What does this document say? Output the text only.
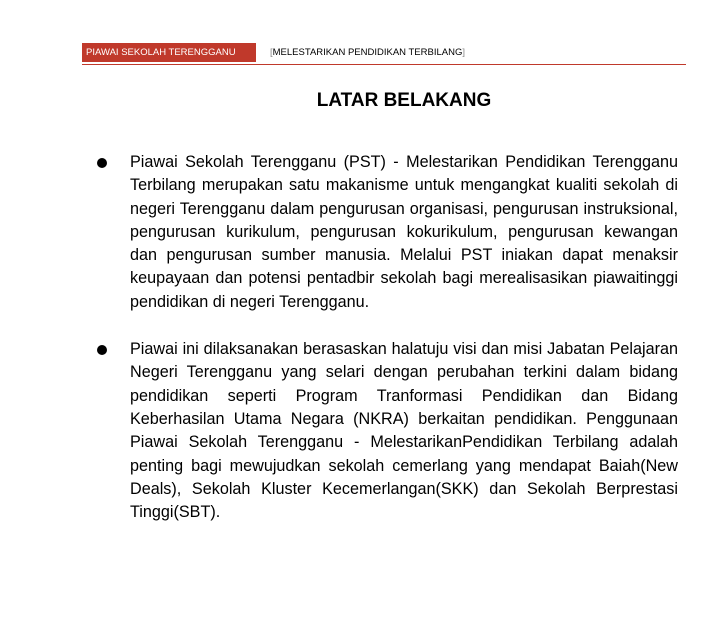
PIAWAI SEKOLAH TERENGGANU	[MELESTARIKAN PENDIDIKAN TERBILANG]
LATAR BELAKANG

Piawai Sekolah Terengganu (PST) - Melestarikan Pendidikan Terengganu Terbilang merupakan satu makanisme untuk mengangkat kualiti sekolah di negeri Terengganu dalam pengurusan organisasi, pengurusan instruksional, pengurusan kurikulum, pengurusan kokurikulum, pengurusan kewangan dan pengurusan sumber manusia. Melalui PST iniakan dapat menaksir keupayaan dan potensi pentadbir sekolah bagi merealisasikan piawaitinggi pendidikan di negeri Terengganu.

Piawai ini dilaksanakan berasaskan halatuju visi dan misi Jabatan Pelajaran Negeri Terengganu yang selari dengan perubahan terkini dalam bidang pendidikan seperti Program Tranformasi Pendidikan dan Bidang Keberhasilan Utama Negara (NKRA) berkaitan pendidikan. Penggunaan Piawai Sekolah Terengganu - MelestarikanPendidikan Terbilang adalah penting bagi mewujudkan sekolah cemerlang yang mendapat Baiah(New Deals), Sekolah Kluster Kecemerlangan(SKK) dan Sekolah Berprestasi Tinggi(SBT).
